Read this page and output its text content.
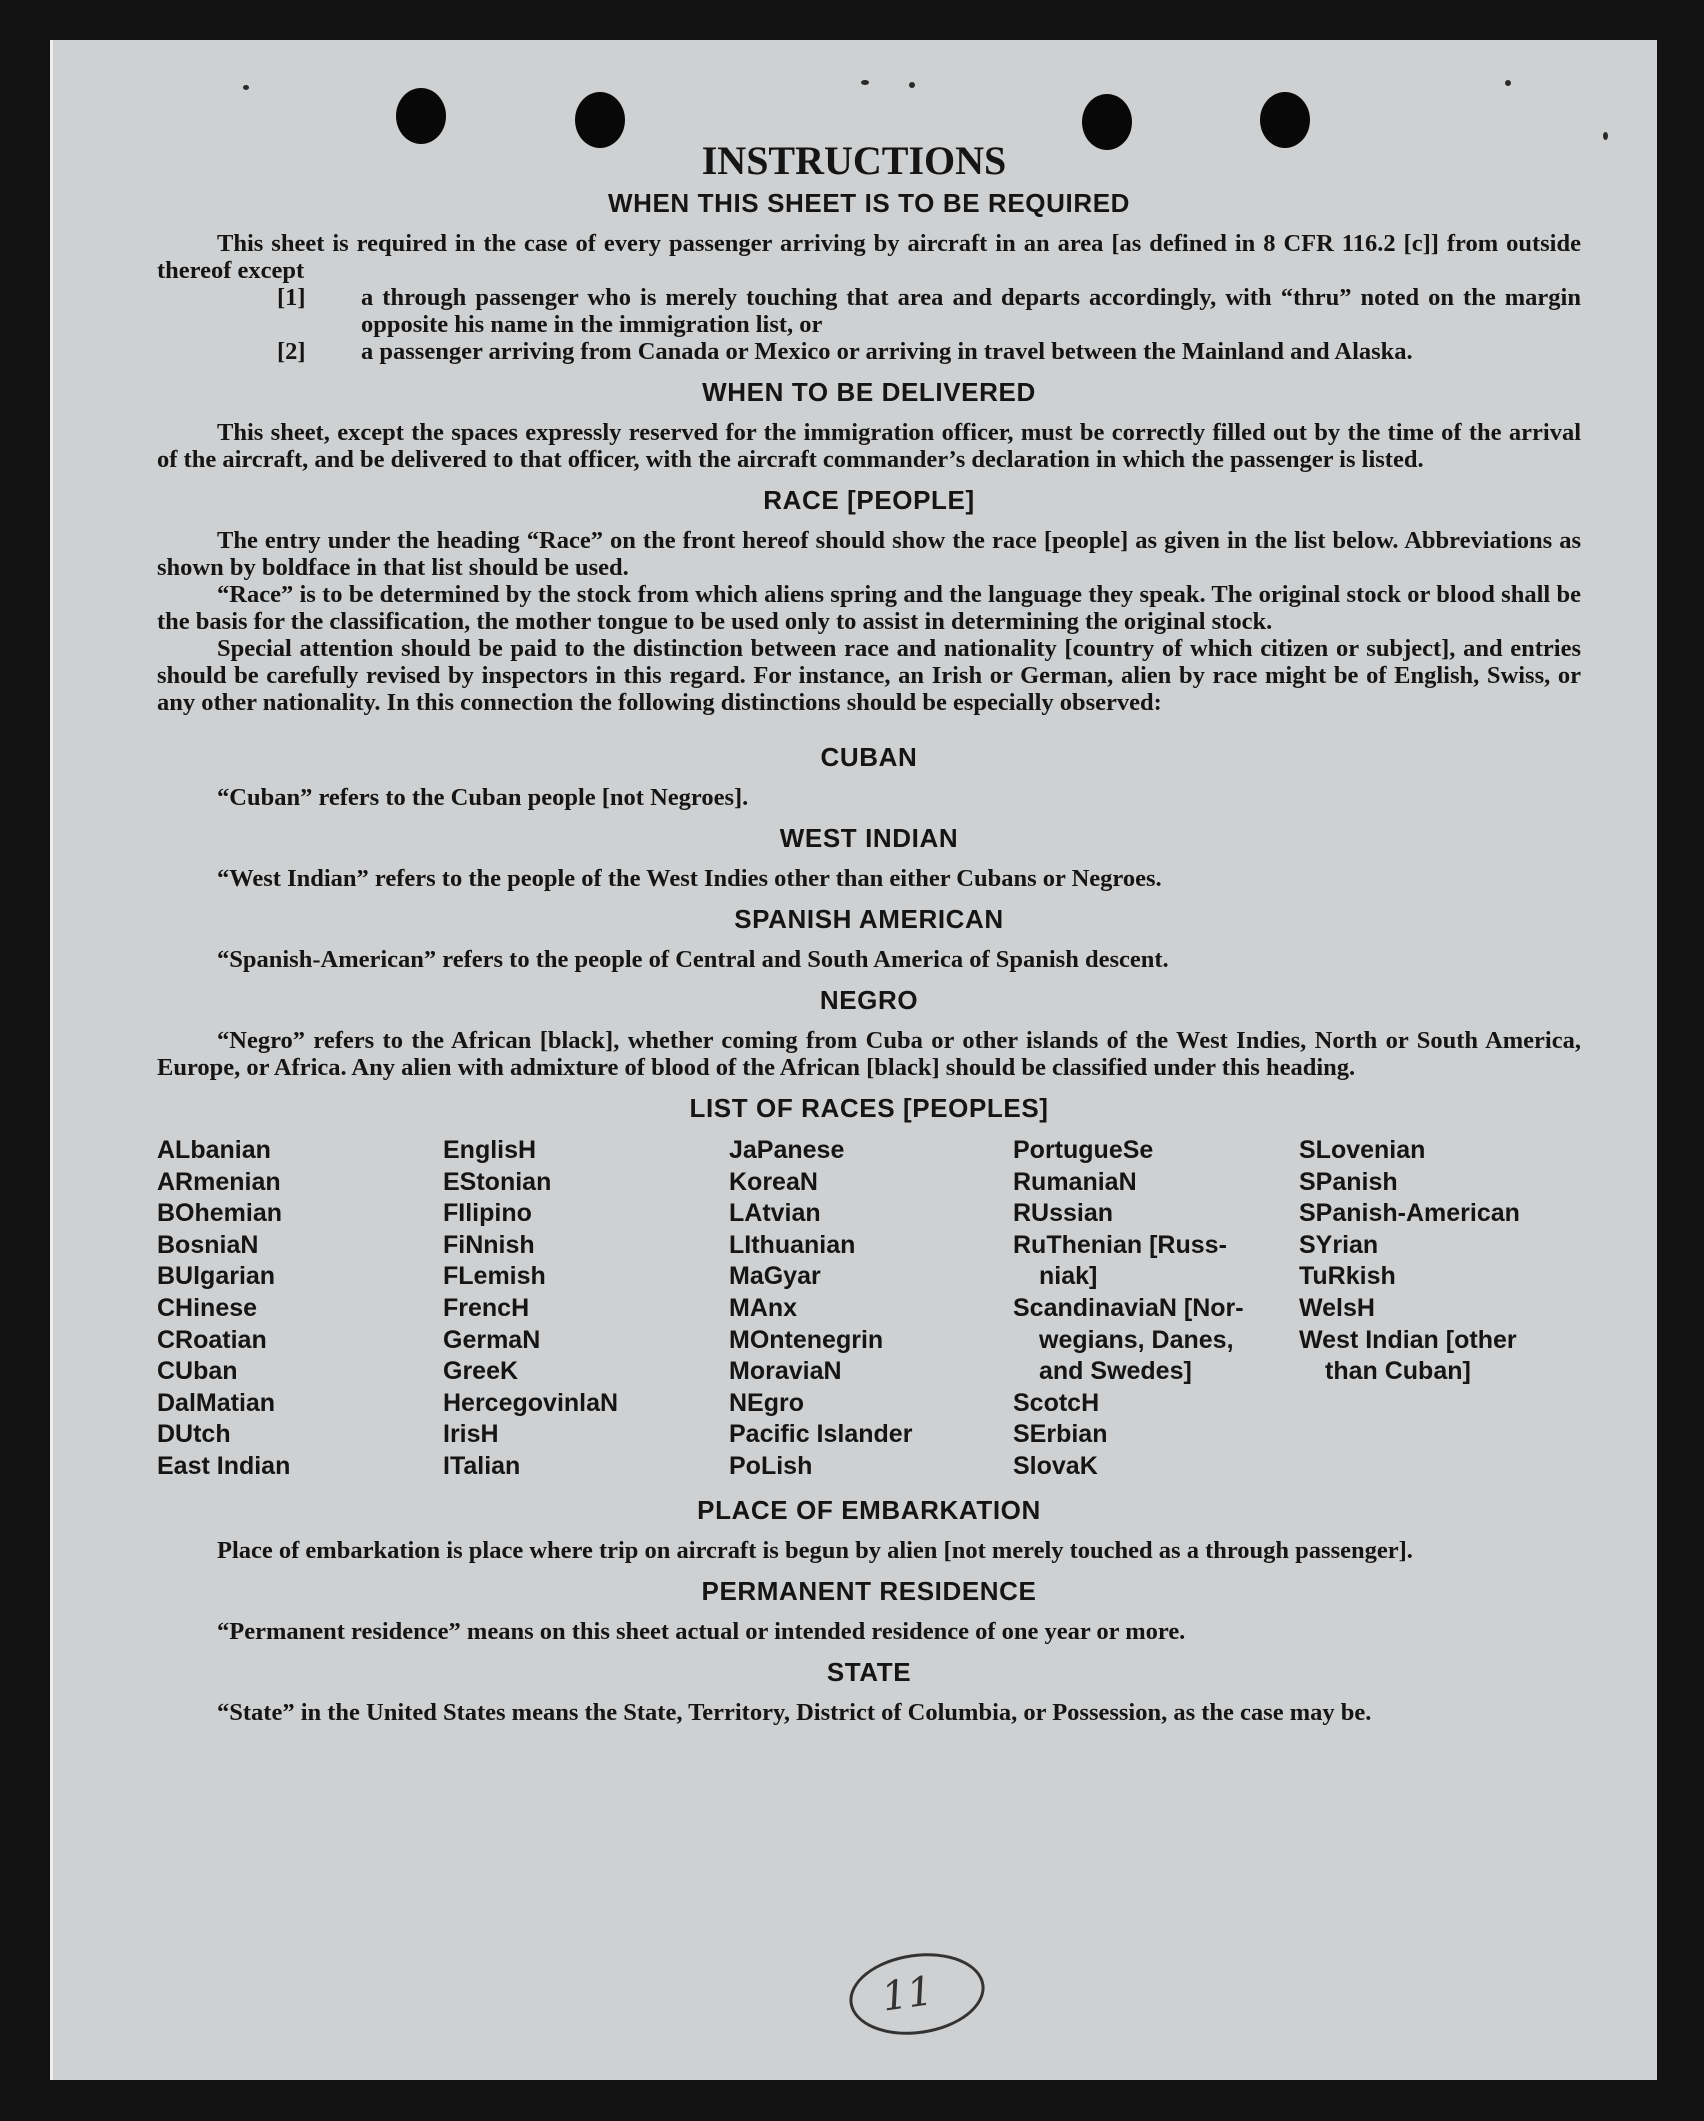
INSTRUCTIONS
WHEN THIS SHEET IS TO BE REQUIRED

This sheet is required in the case of every passenger arriving by aircraft in an area [as defined in 8 CFR 116.2 [c]] from outside thereof except

[1] a through passenger who is merely touching that area and departs accordingly, with “thru” noted on the margin opposite his name in the immigration list, or
[2] a passenger arriving from Canada or Mexico or arriving in travel between the Mainland and Alaska.
WHEN TO BE DELIVERED

This sheet, except the spaces expressly reserved for the immigration officer, must be correctly filled out by the time of the arrival of the aircraft, and be delivered to that officer, with the aircraft commander’s declaration in which the passenger is listed.

RACE [PEOPLE]

The entry under the heading “Race” on the front hereof should show the race [people] as given in the list below. Abbreviations as shown by boldface in that list should be used.

“Race” is to be determined by the stock from which aliens spring and the language they speak. The original stock or blood shall be the basis for the classification, the mother tongue to be used only to assist in determining the original stock.

Special attention should be paid to the distinction between race and nationality [country of which citizen or subject], and entries should be carefully revised by inspectors in this regard. For instance, an Irish or German, alien by race might be of English, Swiss, or any other nationality. In this connection the following distinctions should be especially observed:

CUBAN

“Cuban” refers to the Cuban people [not Negroes].

WEST INDIAN

“West Indian” refers to the people of the West Indies other than either Cubans or Negroes.

SPANISH AMERICAN

“Spanish-American” refers to the people of Central and South America of Spanish descent.

NEGRO

“Negro” refers to the African [black], whether coming from Cuba or other islands of the West Indies, North or South America, Europe, or Africa. Any alien with admixture of blood of the African [black] should be classified under this heading.

LIST OF RACES [PEOPLES]
ALbanian
ARmenian
BOhemian
BosniaN
BUlgarian
CHinese
CRoatian
CUban
DalMatian
DUtch
East Indian
EnglisH
EStonian
FIlipino
FiNnish
FLemish
FrencH
GermaN
GreeK
HercegovinlaN
IrisH
ITalian
JaPanese
KoreaN
LAtvian
LIthuanian
MaGyar
MAnx
MOntenegrin
MoraviaN
NEgro
Pacific Islander
PoLish
PortugueSe
RumaniaN
RUssian
RuThenian [Russ-
niak]
ScandinaviaN [Nor-
wegians, Danes,
and Swedes]
ScotcH
SErbian
SlovaK
SLovenian
SPanish
SPanish-American
SYrian
TuRkish
WelsH
West Indian [other
than Cuban]
PLACE OF EMBARKATION

Place of embarkation is place where trip on aircraft is begun by alien [not merely touched as a through passenger].

PERMANENT RESIDENCE

“Permanent residence” means on this sheet actual or intended residence of one year or more.

STATE

“State” in the United States means the State, Territory, District of Columbia, or Possession, as the case may be.

11
